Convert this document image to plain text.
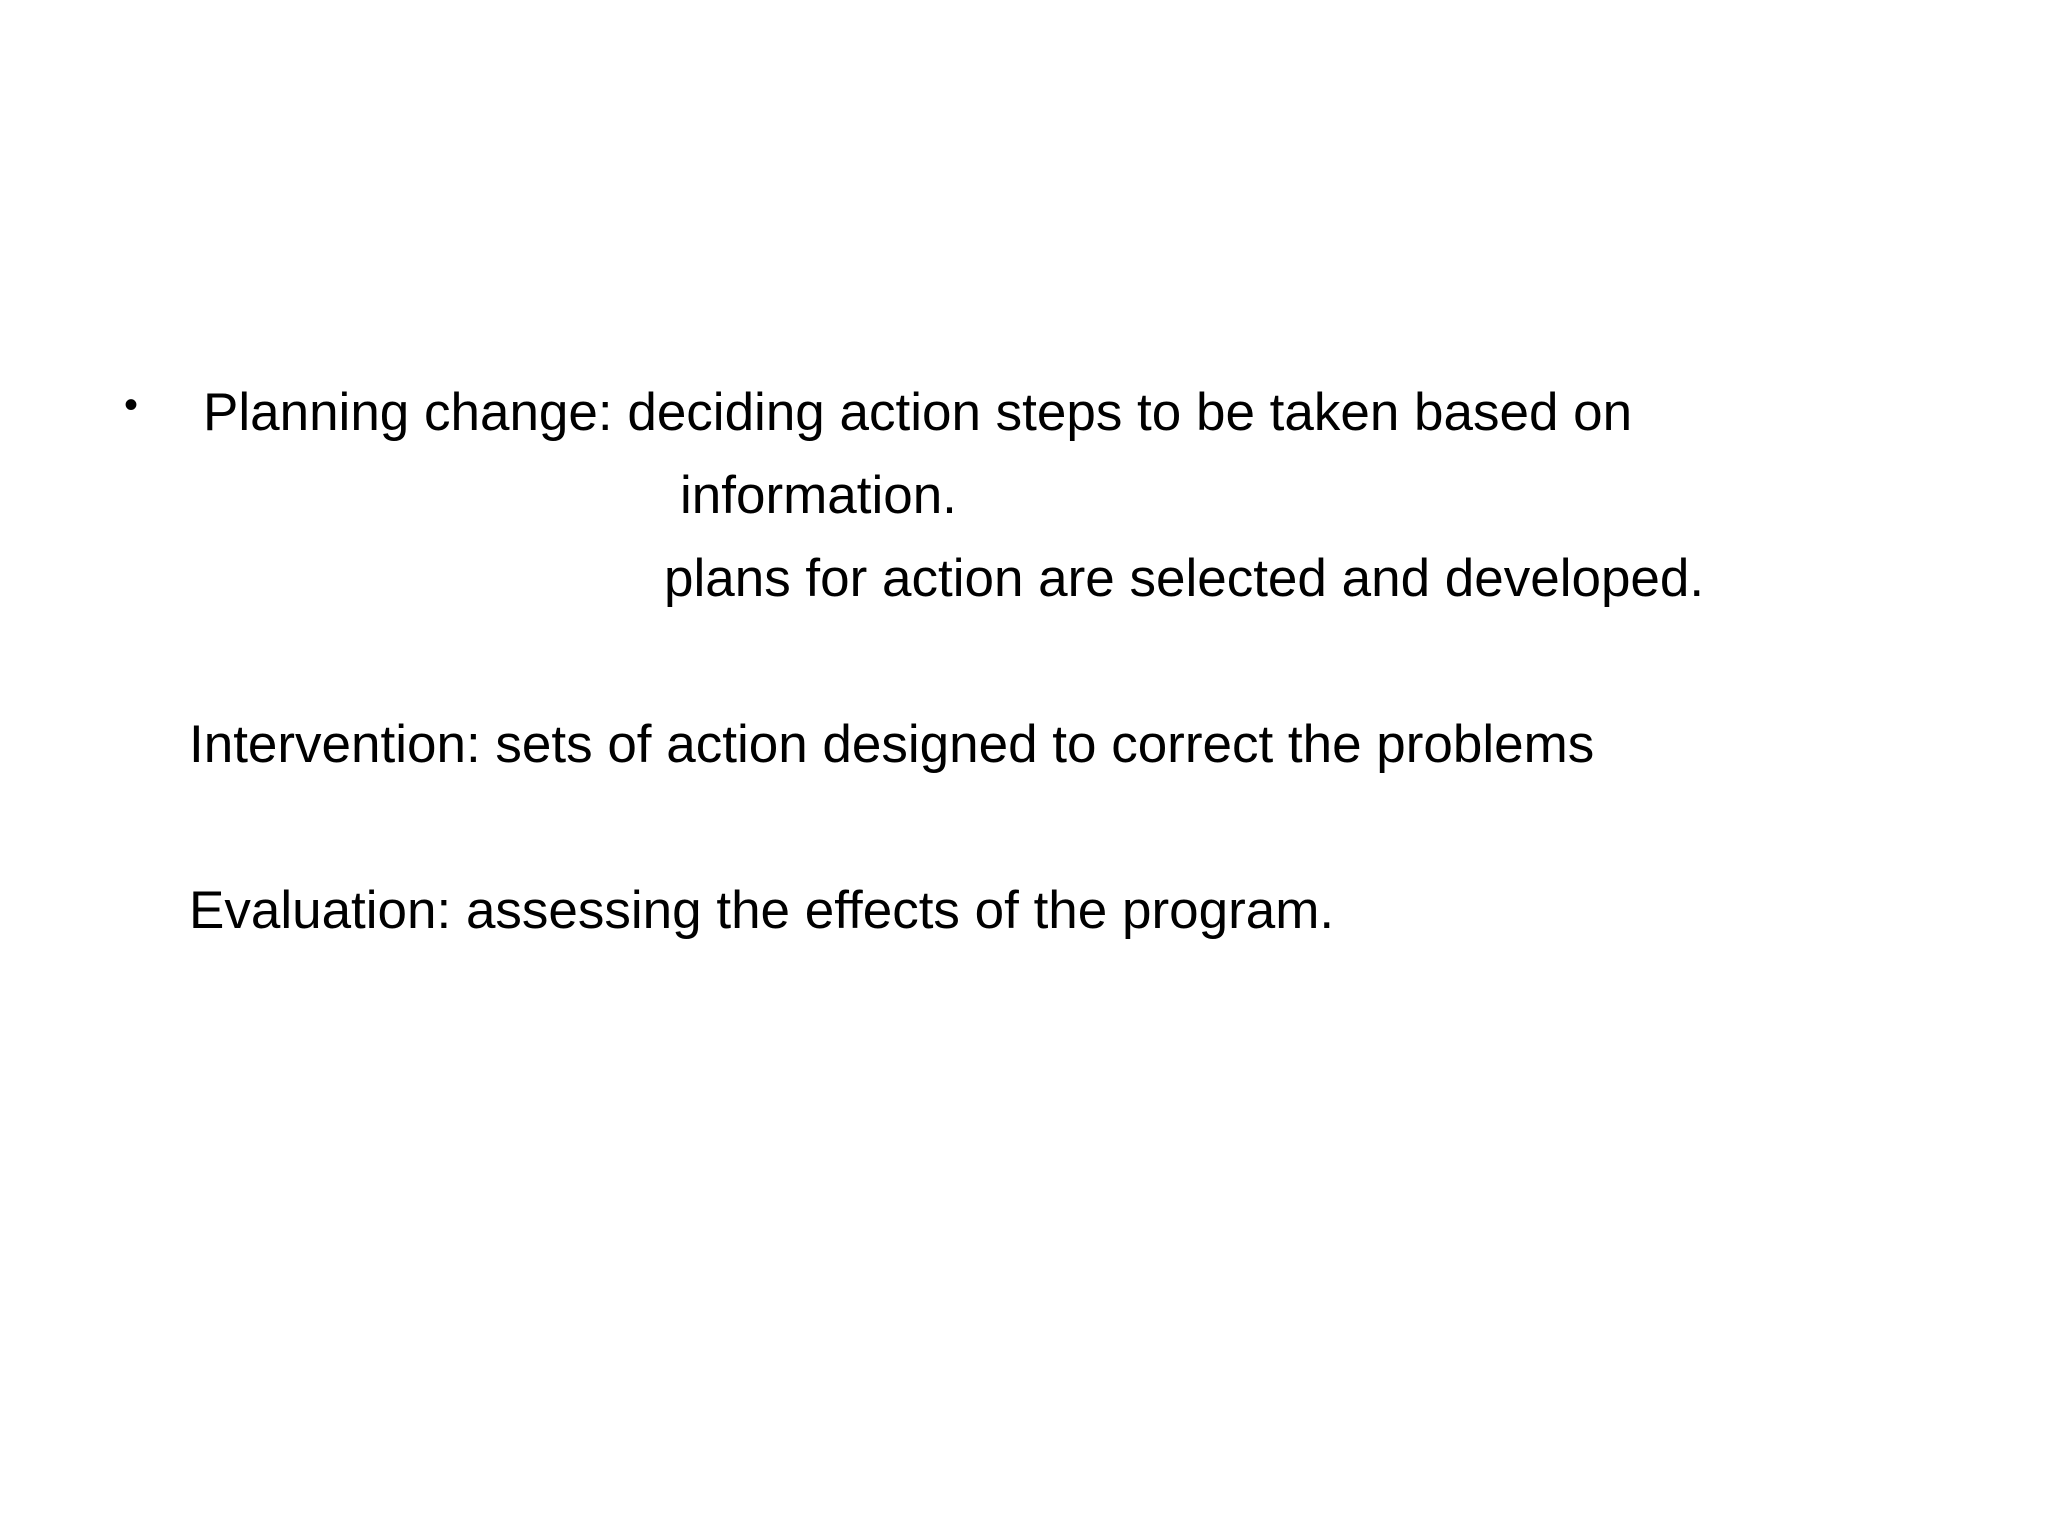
• Planning change: deciding action steps to be taken based on
information.
plans for action are selected and developed.
Intervention: sets of action designed to correct the problems
Evaluation: assessing the effects of the program.
